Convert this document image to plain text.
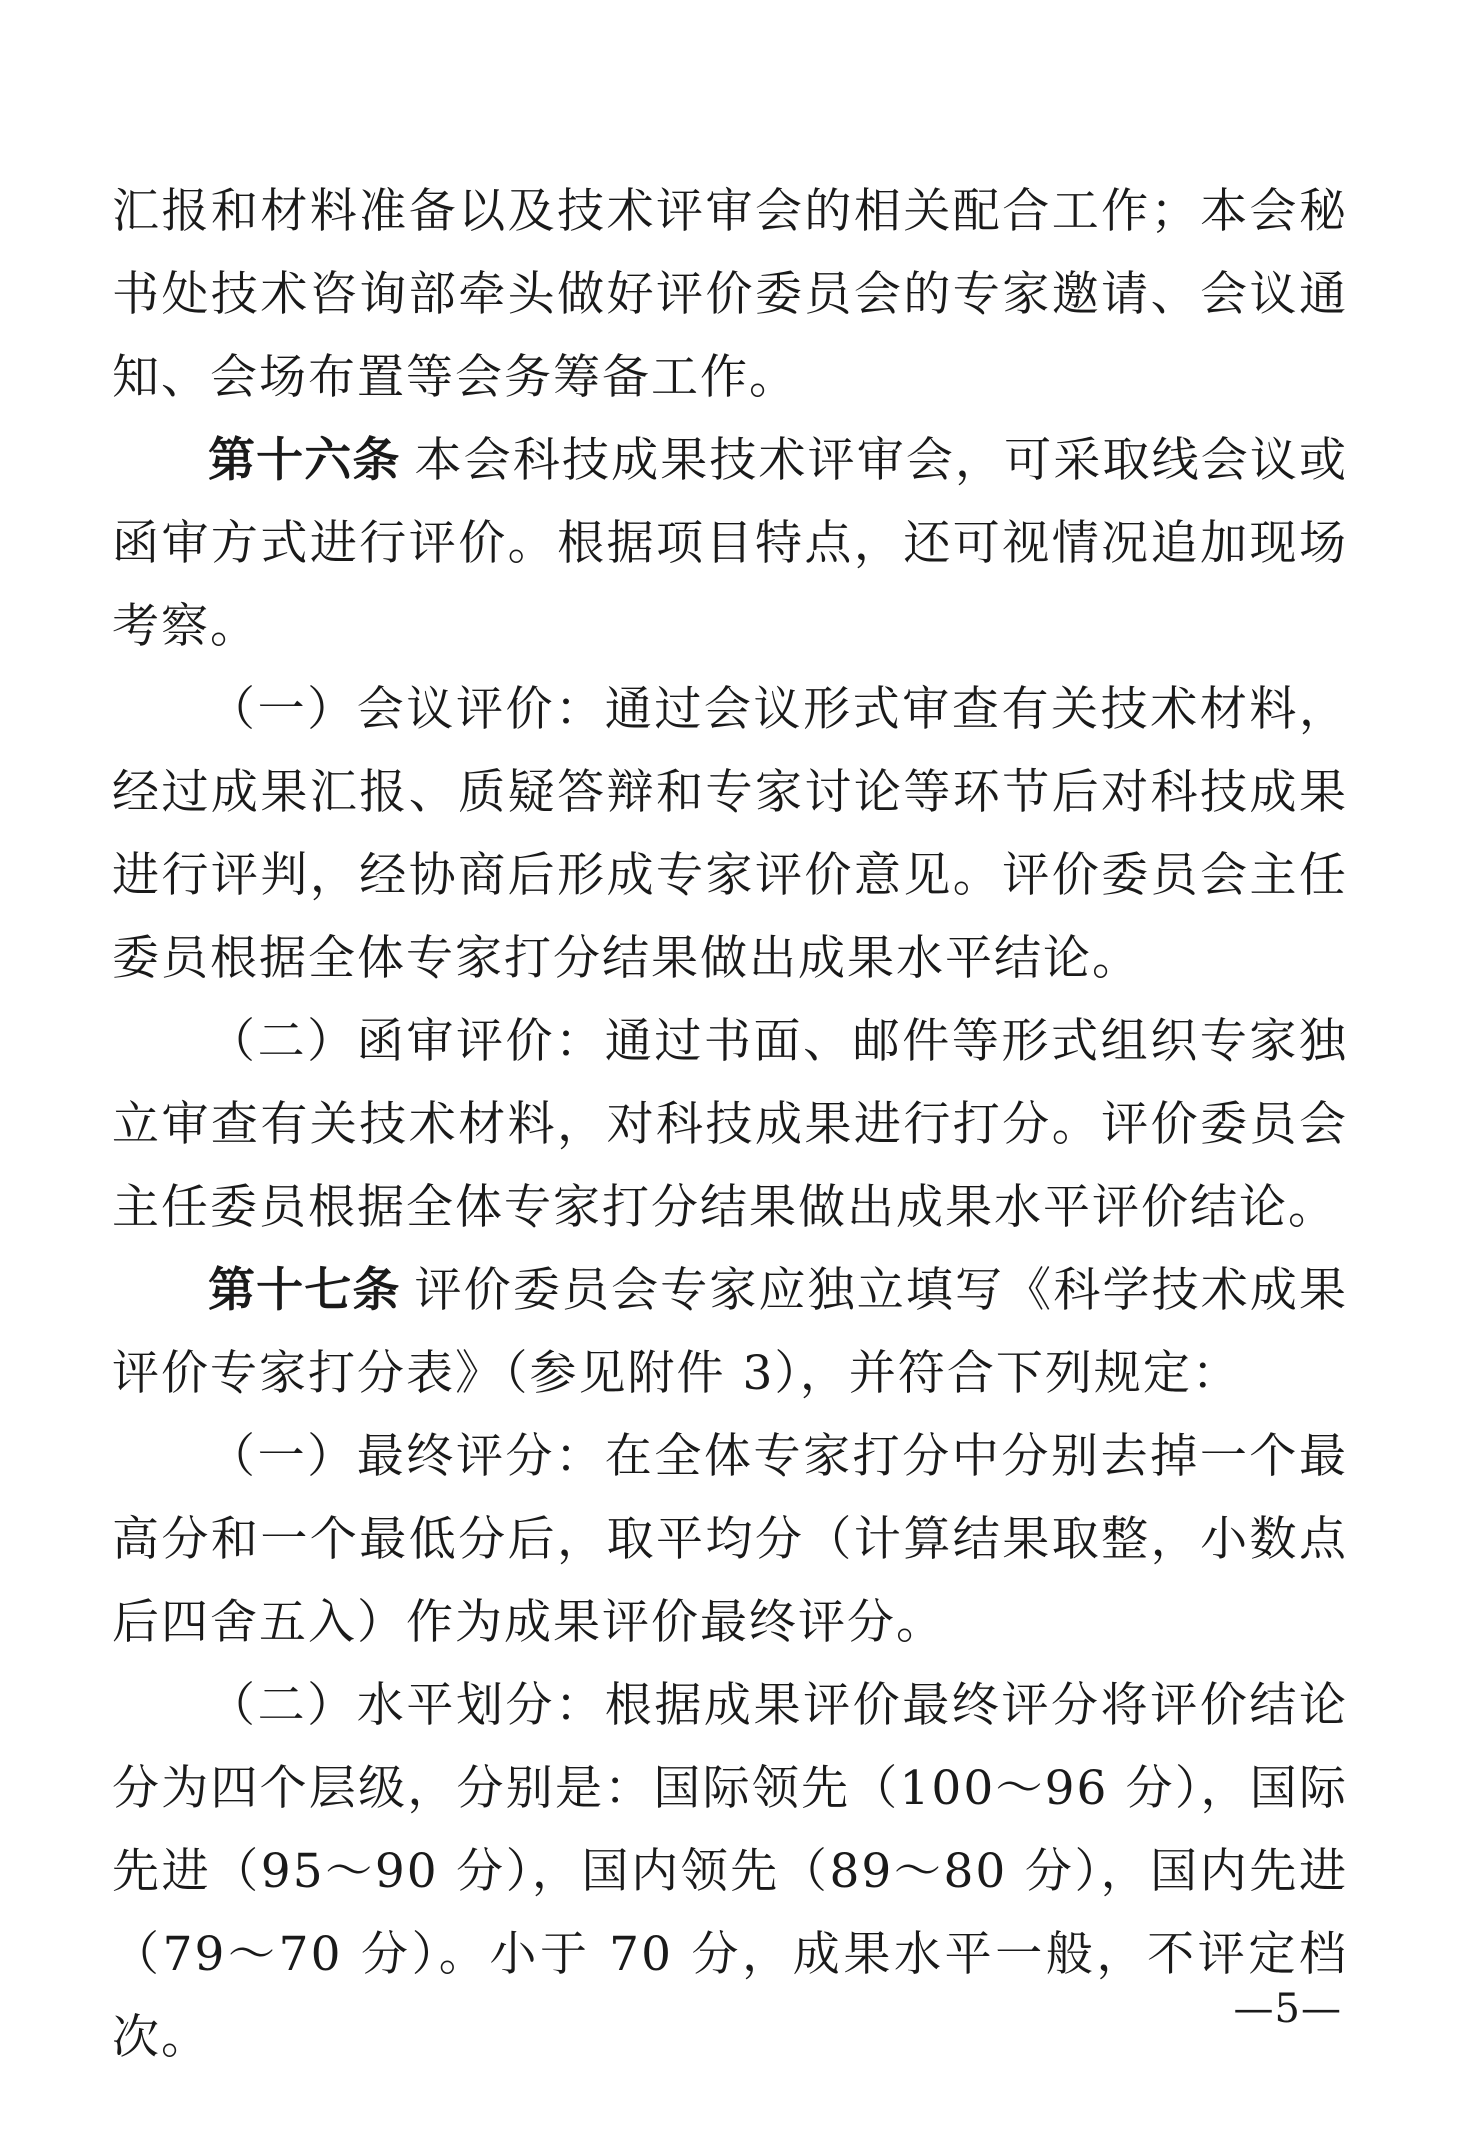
汇报和材料准备以及技术评审会的相关配合工作；本会秘书处技术咨询部牵头做好评价委员会的专家邀请、会议通知、会场布置等会务筹备工作。

第十六条 本会科技成果技术评审会，可采取线会议或函审方式进行评价。根据项目特点，还可视情况追加现场考察。

（一）会议评价：通过会议形式审查有关技术材料，经过成果汇报、质疑答辩和专家讨论等环节后对科技成果进行评判，经协商后形成专家评价意见。评价委员会主任委员根据全体专家打分结果做出成果水平结论。

（二）函审评价：通过书面、邮件等形式组织专家独立审查有关技术材料，对科技成果进行打分。评价委员会主任委员根据全体专家打分结果做出成果水平评价结论。

第十七条 评价委员会专家应独立填写《科学技术成果评价专家打分表》（参见附件 3），并符合下列规定：

（一）最终评分：在全体专家打分中分别去掉一个最高分和一个最低分后，取平均分（计算结果取整，小数点后四舍五入）作为成果评价最终评分。

（二）水平划分：根据成果评价最终评分将评价结论分为四个层级，分别是：国际领先（100～96 分），国际先进（95～90 分），国内领先（89～80 分），国内先进（79～70 分）。小于 70 分，成果水平一般，不评定档次。

—5—
